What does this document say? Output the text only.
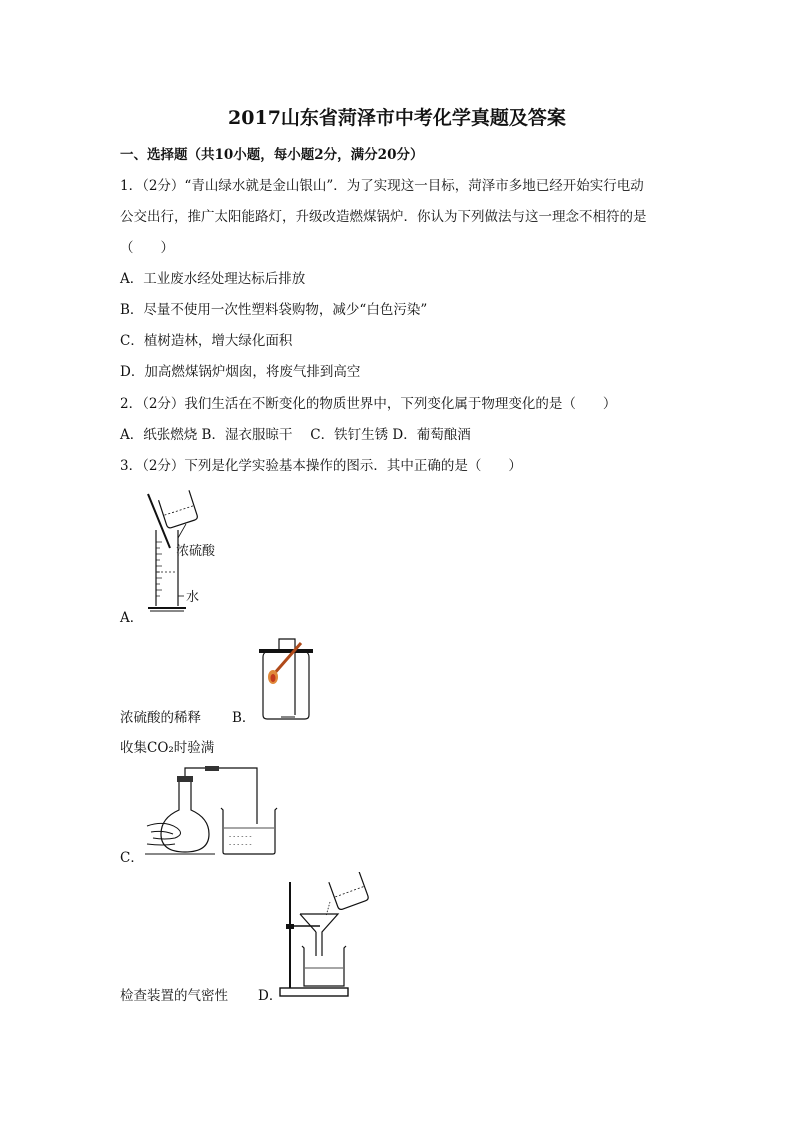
2017山东省菏泽市中考化学真题及答案
一、选择题（共10小题，每小题2分，满分20分）
1．（2分）“青山绿水就是金山银山”．为了实现这一目标，菏泽市多地已经开始实行电动
公交出行，推广太阳能路灯，升级改造燃煤锅炉．你认为下列做法与这一理念不相符的是
（　　）
A．工业废水经处理达标后排放
B．尽量不使用一次性塑料袋购物，减少“白色污染”
C．植树造林，增大绿化面积
D．加高燃煤锅炉烟囱，将废气排到高空
2．（2分）我们生活在不断变化的物质世界中，下列变化属于物理变化的是（　　）
A．纸张燃烧 B．湿衣服晾干　 C．铁钉生锈 D．葡萄酿酒
3．（2分）下列是化学实验基本操作的图示．其中正确的是（　　）
浓硫酸
水
A．
浓硫酸的稀释 B．
收集CO₂时验满
- - - - - -
- - - - - -
C．
检查装置的气密性 D．
